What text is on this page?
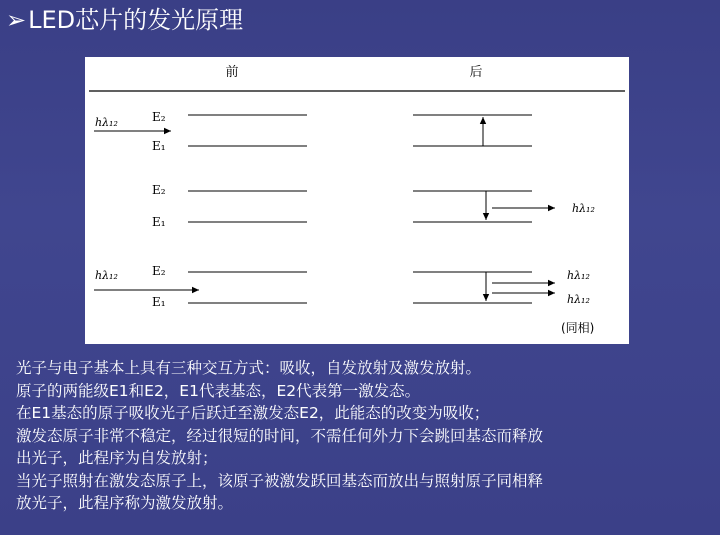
➢LED芯片的发光原理
前	后
hλ₁₂	E₂
E₁
E₂
E₁
hλ₁₂
hλ₁₂	E₂
E₁
hλ₁₂
hλ₁₂
(同相)

光子与电子基本上具有三种交互方式：吸收，自发放射及激发放射。

原子的两能级E1和E2，E1代表基态，E2代表第一激发态。

在E1基态的原子吸收光子后跃迁至激发态E2，此能态的改变为吸收；

激发态原子非常不稳定，经过很短的时间，不需任何外力下会跳回基态而释放

出光子，此程序为自发放射；

当光子照射在激发态原子上，该原子被激发跃回基态而放出与照射原子同相释

放光子，此程序称为激发放射。
